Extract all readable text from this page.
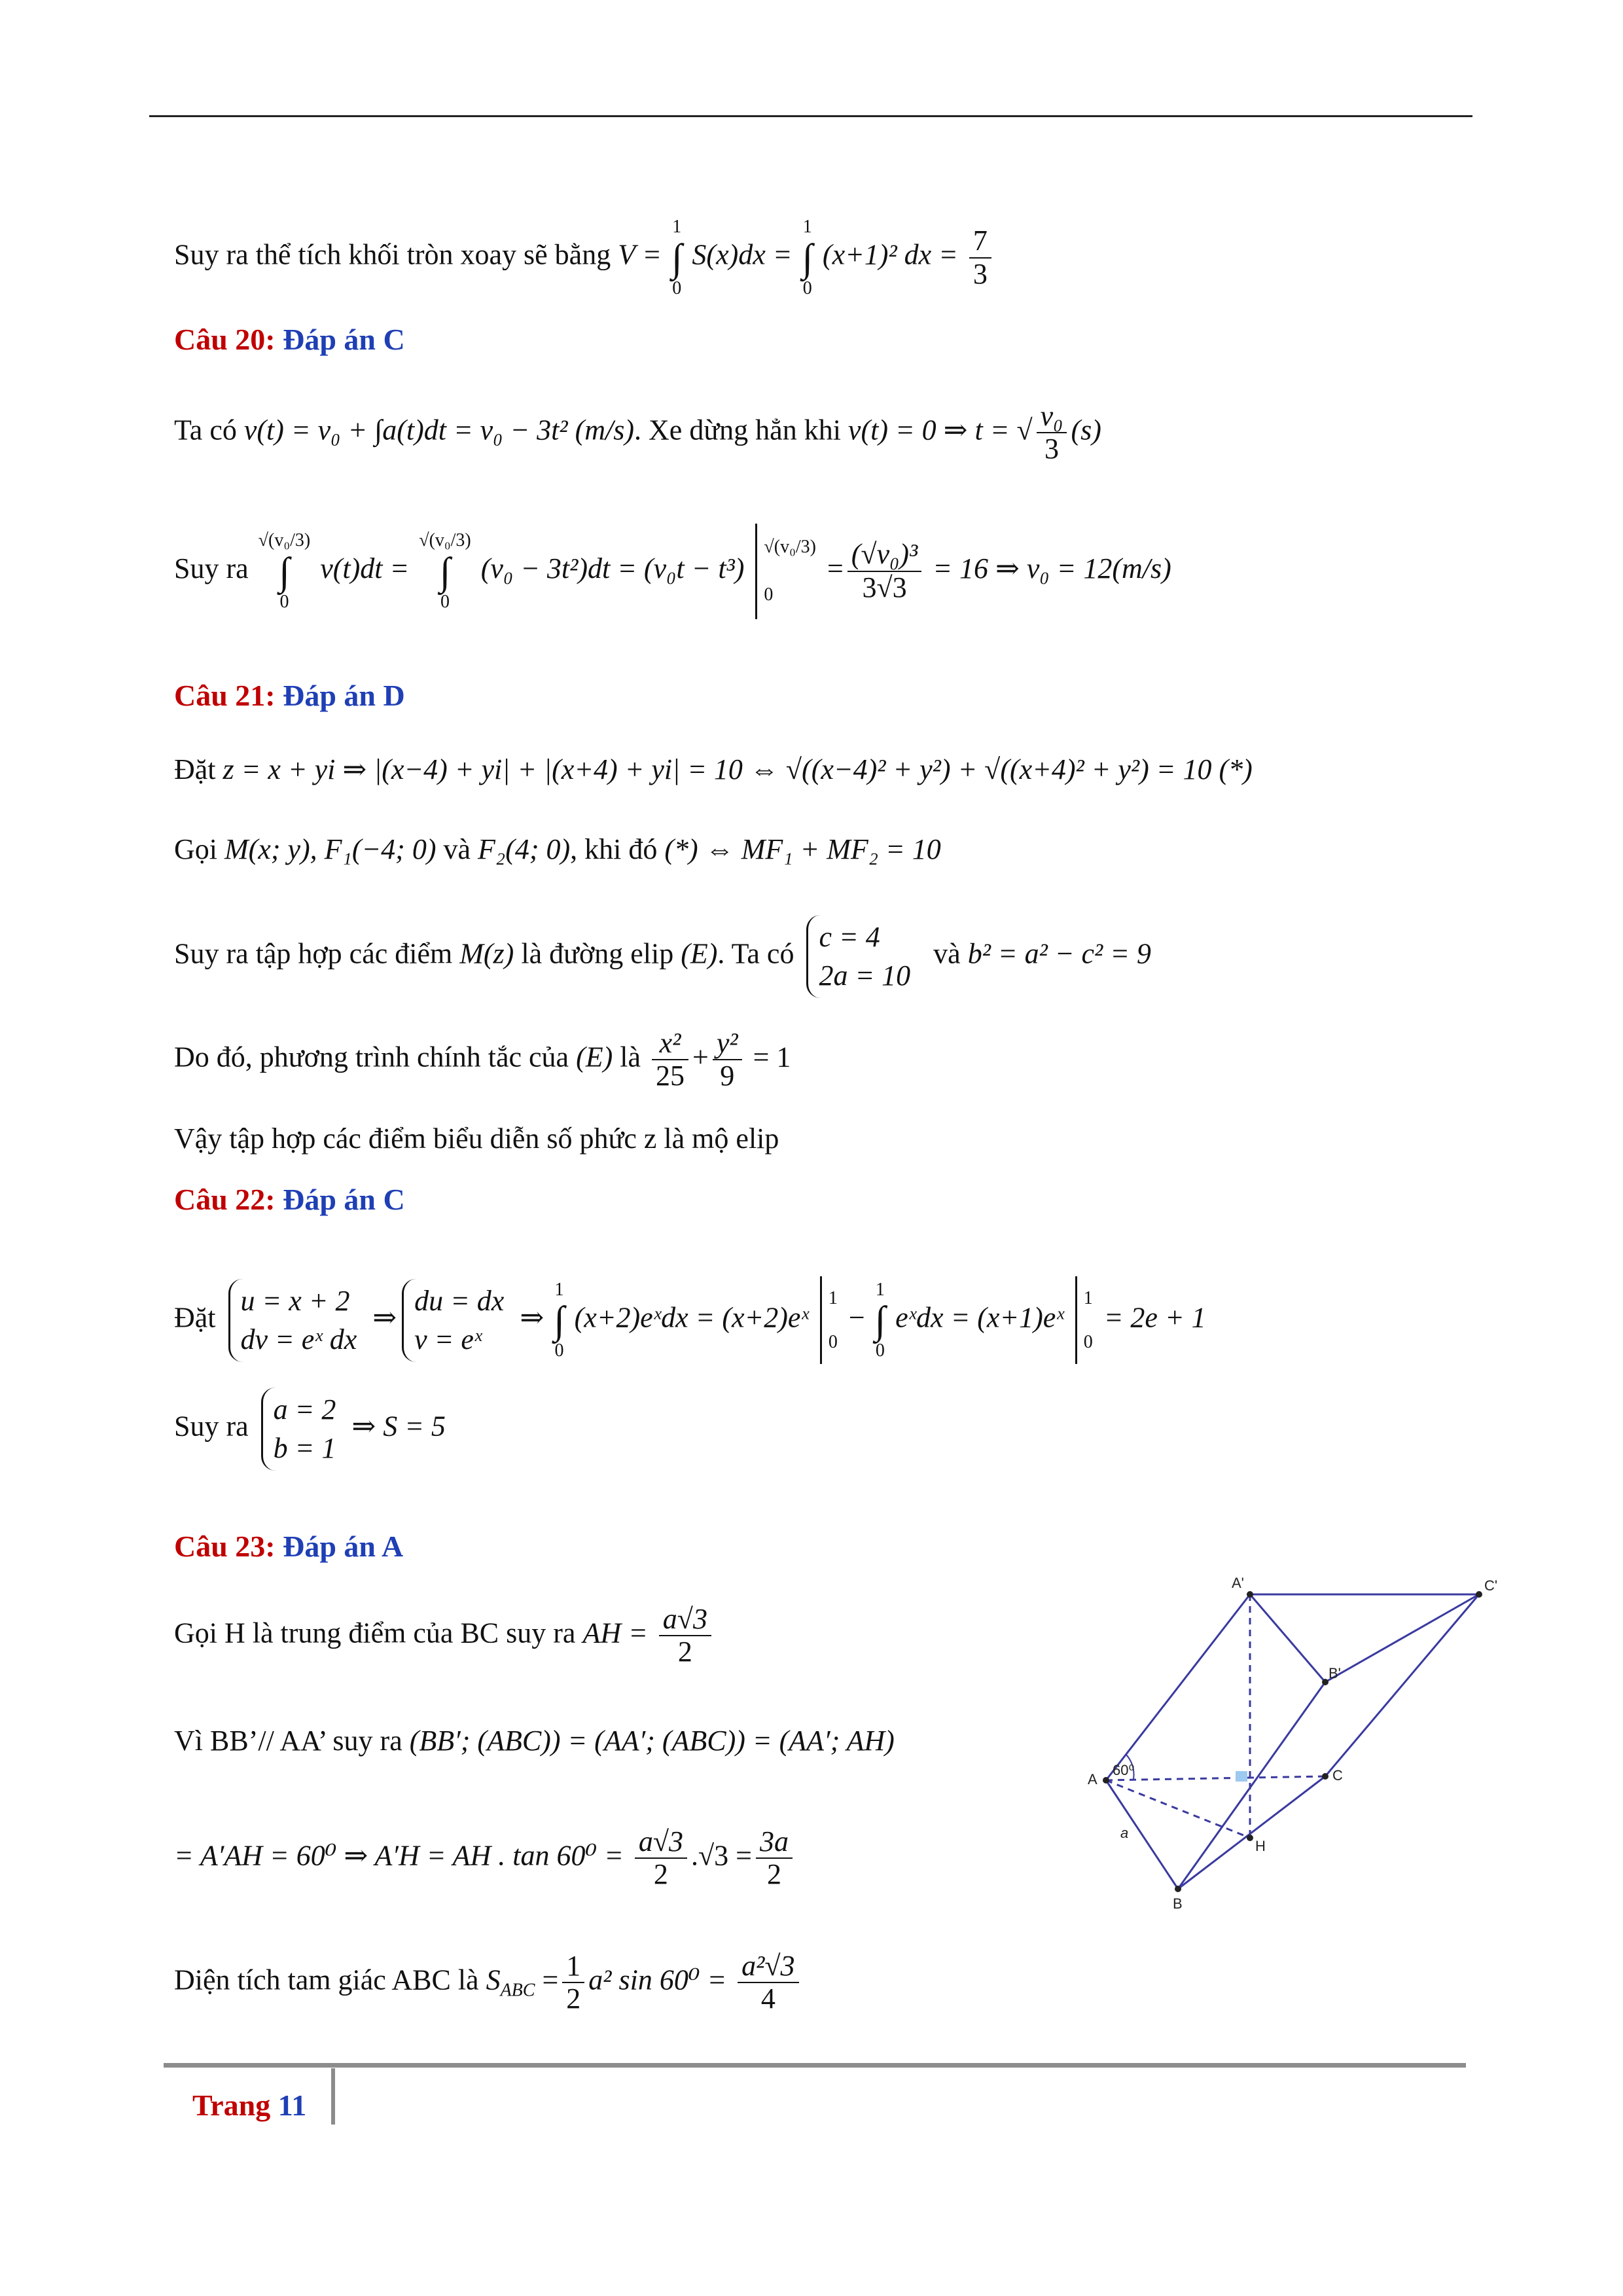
Suy ra thể tích khối tròn xoay sẽ bằng V = 1
∫
0 S(x)dx = 1
∫
0 (x+1)² dx = $\frac{7}{3}$
Câu 20: Đáp án C
Ta có v(t) = v₀ + ∫a(t)dt = v₀ − 3t² (m/s). Xe dừng hẳn khi v(t) = 0 ⇒ t = √ $\frac{\text{v₀}}{3} (s)$
Suy ra √(v₀/3)
∫
0 v(t)dt = √(v₀/3)
∫
0 (v₀ − 3t²)dt = (v₀t − t³) √(v₀/3)
$0 = \frac{\text{(√v₀)³}}{3√3} = 16$ ⇒ v₀ = 12(m/s)
Câu 21: Đáp án D
Đặt z = x + yi ⇒ |(x−4) + yi| + |(x+4) + yi| = 10 ⇔ √((x−4)² + y²) + √((x+4)² + y²) = 10 (*)
Gọi M(x; y), F₁(−4; 0) và F₂(4; 0), khi đó (*) ⇔ MF₁ + MF₂ = 10
Suy ra tập hợp các điểm M(z) là đường elip (E). Ta có c = 4
2a = 10 và b² = a² − c² = 9
Do đó, phương trình chính tắc của (E) là $\frac{\text{x²}}{25} + \frac{\text{y²}}{9} = 1$
Vậy tập hợp các điểm biểu diễn số phức z là mộ elip
Câu 22: Đáp án C
Đặt u = x + 2
dv = eˣ dx⇒du = dx
v = eˣ⇒ 1
∫
0 (x+2)eˣdx = (x+2)eˣ 1
0 − 1
∫
0 eˣdx = (x+1)eˣ 1
0 = 2e + 1
Suy ra a = 2
b = 1⇒ S = 5
Câu 23: Đáp án A
Gọi H là trung điểm của BC suy ra AH = $\frac{a√3}{2}$
Vì BB’// AA’ suy ra (BB′; (ABC)) = (AA′; (ABC)) = (AA′; AH)
= A′AH = 60⁰ ⇒ A′H = AH . $\tan 60^0 = \frac{a√3}{2} .√3 = \frac{3a}{2}$
Diện tích tam giác ABC là $S_{ABC} = \frac{1}{2} a^2$ $\sin 60^0 = \frac{\text{a²√3}}{4}$
A'	C'
B'
A
B
C
H
60⁰
a
Trang 11
